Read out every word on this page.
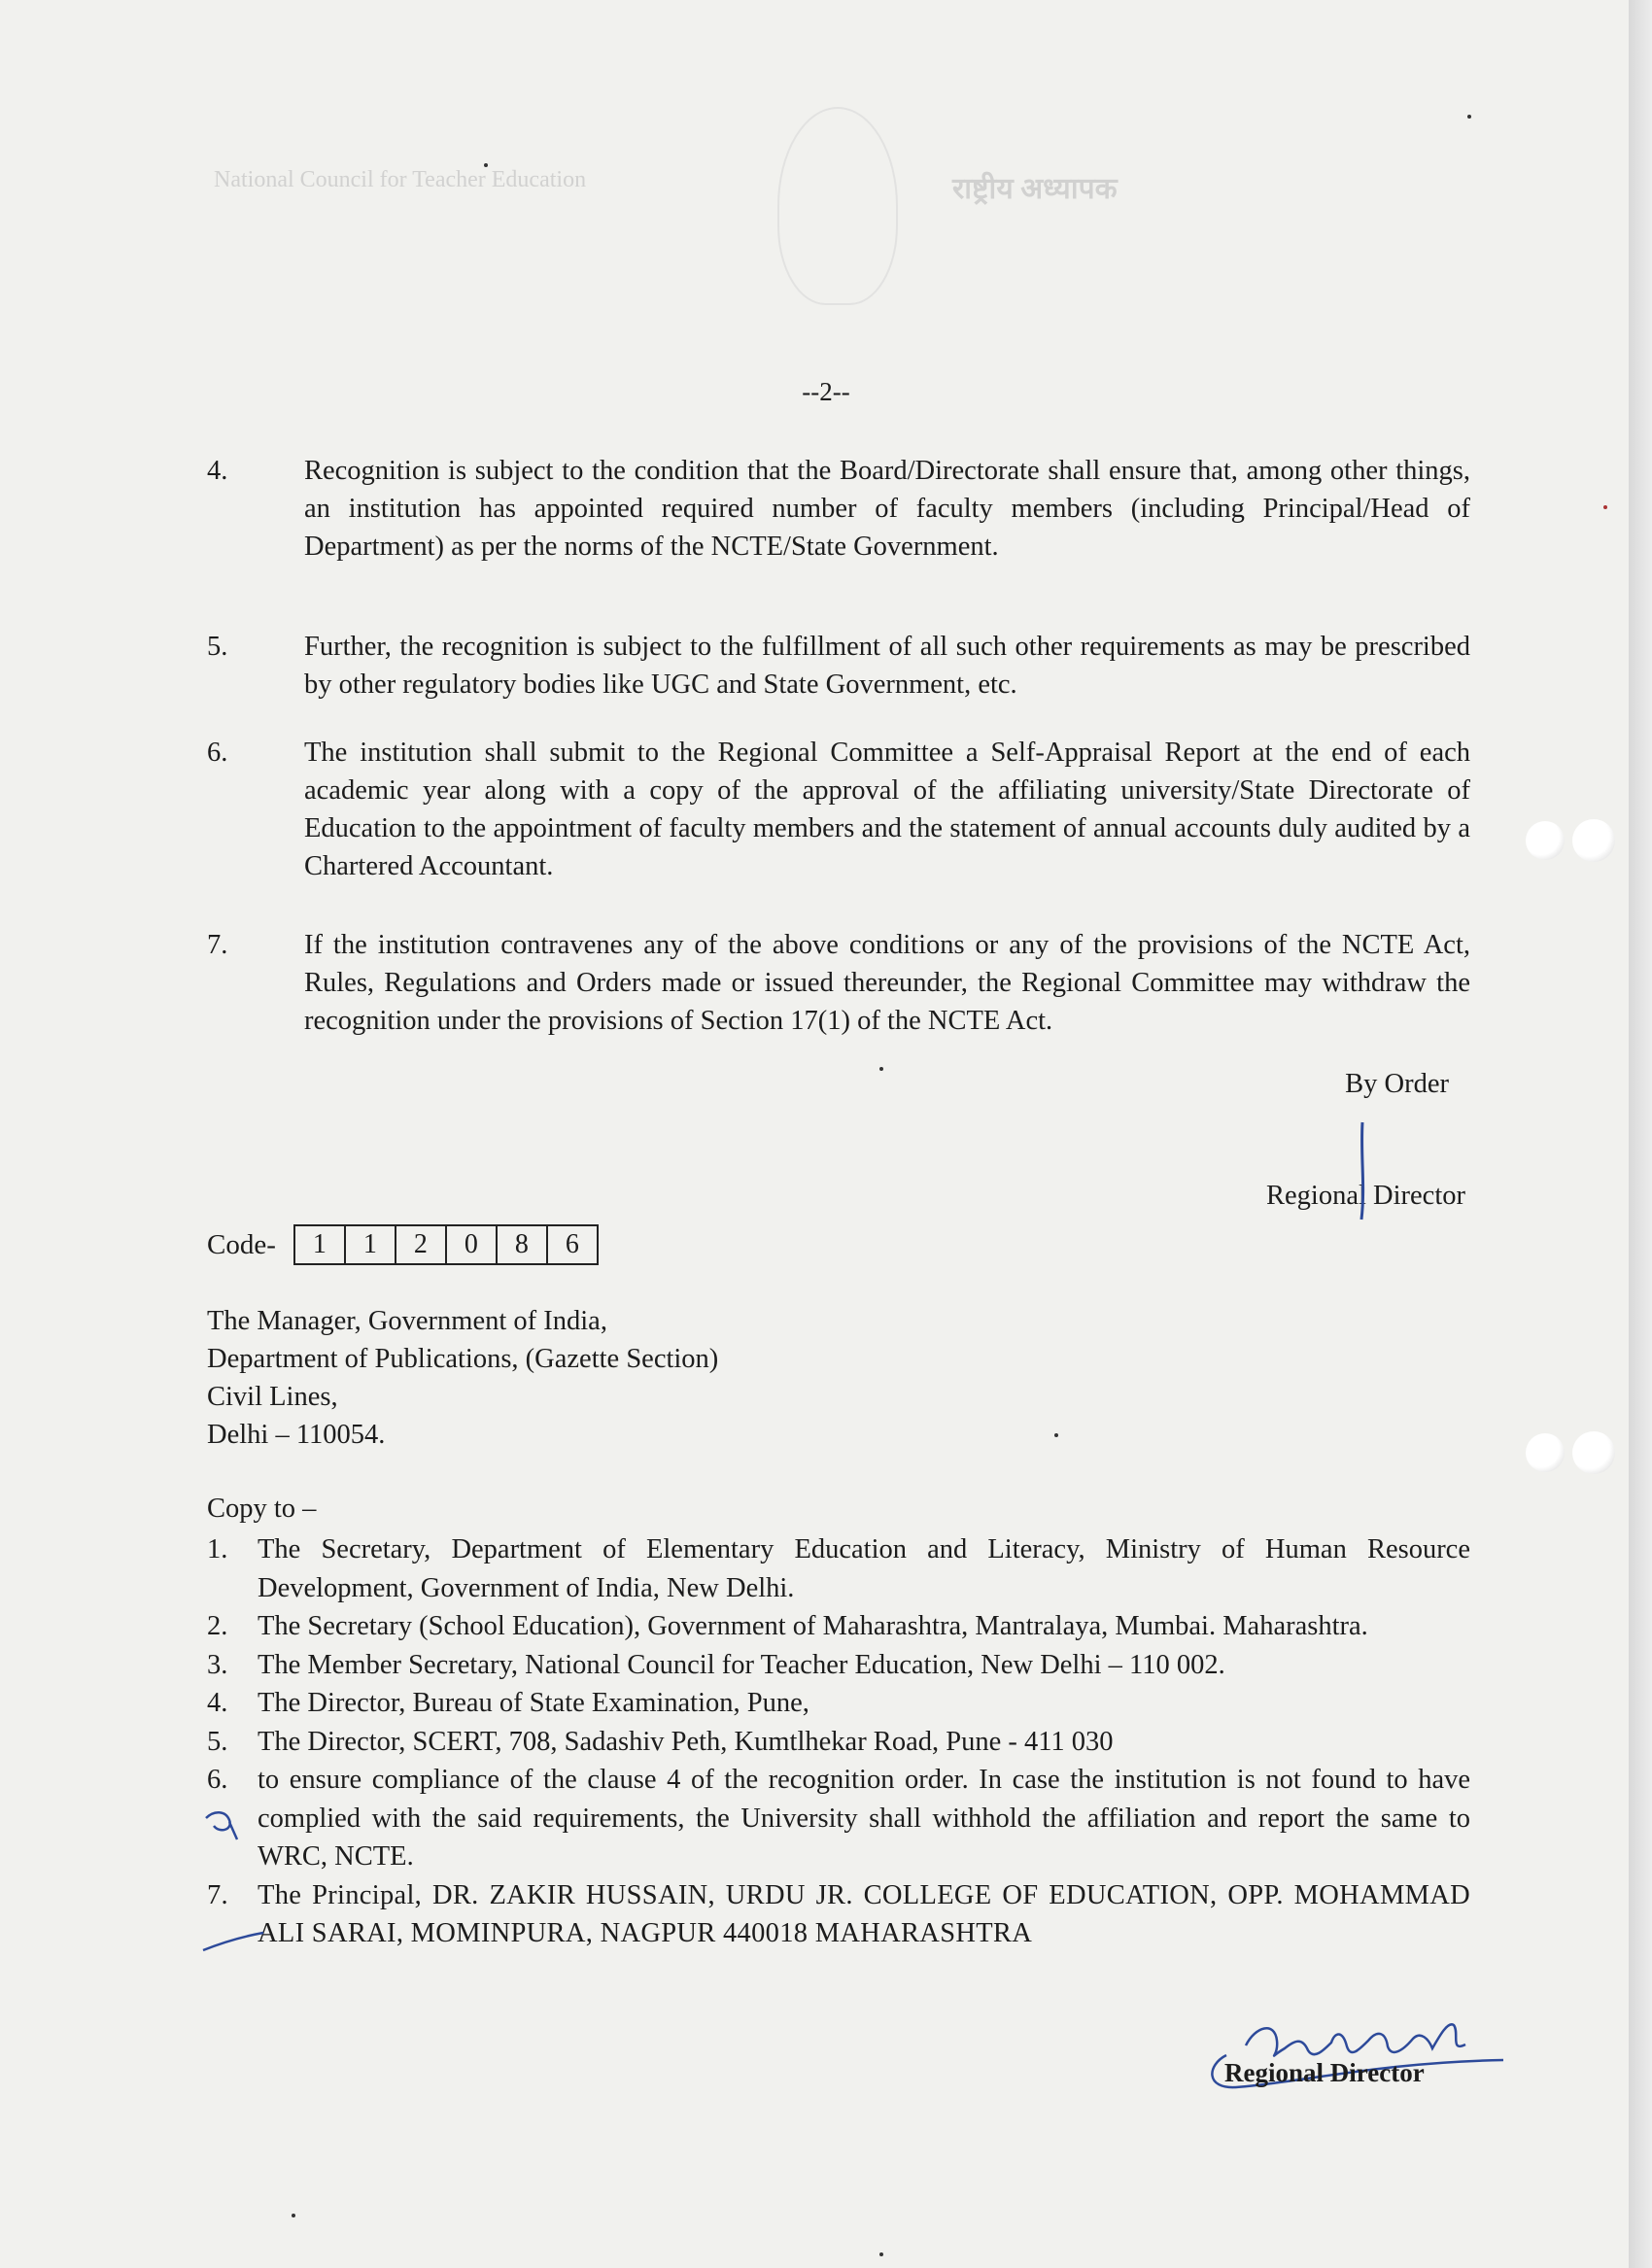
National Council for Teacher Education	राष्ट्रीय अध्यापक
--2--
4.	Recognition is subject to the condition that the Board/Directorate shall ensure that, among other things, an institution has appointed required number of faculty members (including Principal/Head of Department) as per the norms of the NCTE/State Government.
5.	Further, the recognition is subject to the fulfillment of all such other requirements as may be prescribed by other regulatory bodies like UGC and State Government, etc.
6.	The institution shall submit to the Regional Committee a Self-Appraisal Report at the end of each academic year along with a copy of the approval of the affiliating university/State Directorate of Education to the appointment of faculty members and the statement of annual accounts duly audited by a Chartered Accountant.
7.	If the institution contravenes any of the above conditions or any of the provisions of the NCTE Act, Rules, Regulations and Orders made or issued thereunder, the Regional Committee may withdraw the recognition under the provisions of Section 17(1) of the NCTE Act.
By Order
Regional Director
Code-	1	1	2	0	8	6
The Manager, Government of India,
Department of Publications, (Gazette Section)
Civil Lines,
Delhi – 110054.
Copy to –
1. The Secretary, Department of Elementary Education and Literacy, Ministry of Human Resource Development, Government of India, New Delhi.
2. The Secretary (School Education), Government of Maharashtra, Mantralaya, Mumbai. Maharashtra.
3. The Member Secretary, National Council for Teacher Education, New Delhi – 110 002.
4. The Director, Bureau of State Examination, Pune,
5. The Director, SCERT, 708, Sadashiv Peth, Kumtlhekar Road, Pune - 411 030
6. to ensure compliance of the clause 4 of the recognition order. In case the institution is not found to have complied with the said requirements, the University shall withhold the affiliation and report the same to WRC, NCTE.
7. The Principal, DR. ZAKIR HUSSAIN, URDU JR. COLLEGE OF EDUCATION, OPP. MOHAMMAD ALI SARAI, MOMINPURA, NAGPUR 440018 MAHARASHTRA
Regional Director
